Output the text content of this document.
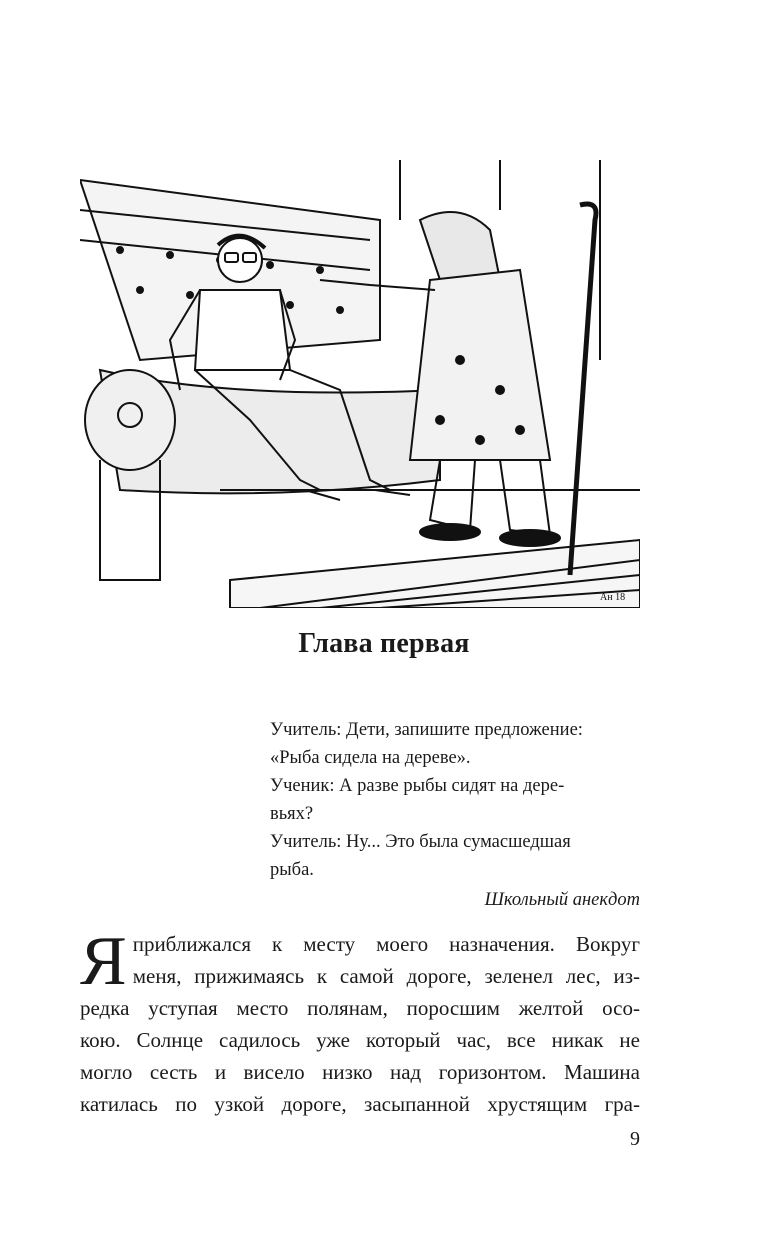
Ан 18
Глава первая

Учитель: Дети, запишите предложение:

«Рыба сидела на дереве».

Ученик: А разве рыбы сидят на дере-

вьях?

Учитель: Ну... Это была сумасшедшая

рыба.

Школьный анекдот

Я приближался к месту моего назначения. Вокруг
меня, прижимаясь к самой дороге, зеленел лес, из-
редка уступая место полянам, поросшим желтой осо-
кою. Солнце садилось уже который час, все никак не
могло сесть и висело низко над горизонтом. Машина
катилась по узкой дороге, засыпанной хрустящим гра-
9
